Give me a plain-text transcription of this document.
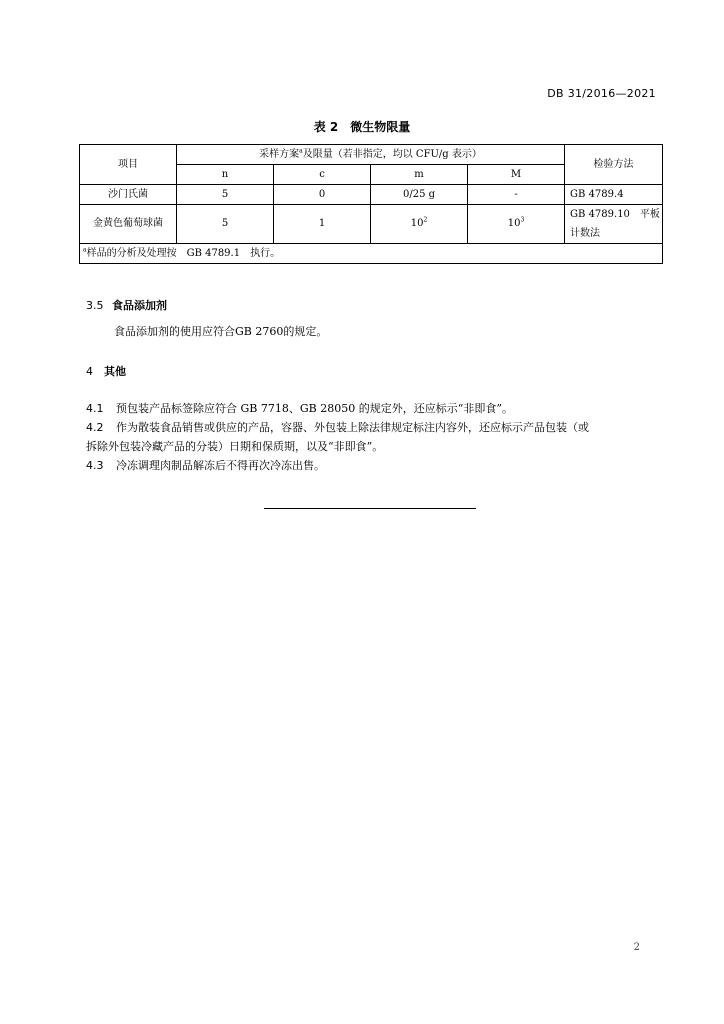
DB 31/2016—2021
表 2　微生物限量
项目	采样方案$^a$及限量（若非指定，均以 CFU/g 表示）				检验方法
	n	c	m	M	
沙门氏菌	5	0	0/25 g	-	GB 4789.4
金黄色葡萄球菌	5	1	$10^2$	$10^3$	GB 4789.10　平板
计数法

$^a$样品的分析及处理按　GB 4789.1　执行。					
3.5 食品添加剂
食品添加剂的使用应符合GB 2760的规定。
4 其他
4.1 预包装产品标签除应符合 GB 7718、GB 28050 的规定外，还应标示“非即食”。
4.2 作为散装食品销售或供应的产品，容器、外包装上除法律规定标注内容外，还应标示产品包装（或
拆除外包装冷藏产品的分装）日期和保质期，以及“非即食”。
4.3 冷冻调理肉制品解冻后不得再次冷冻出售。
2
